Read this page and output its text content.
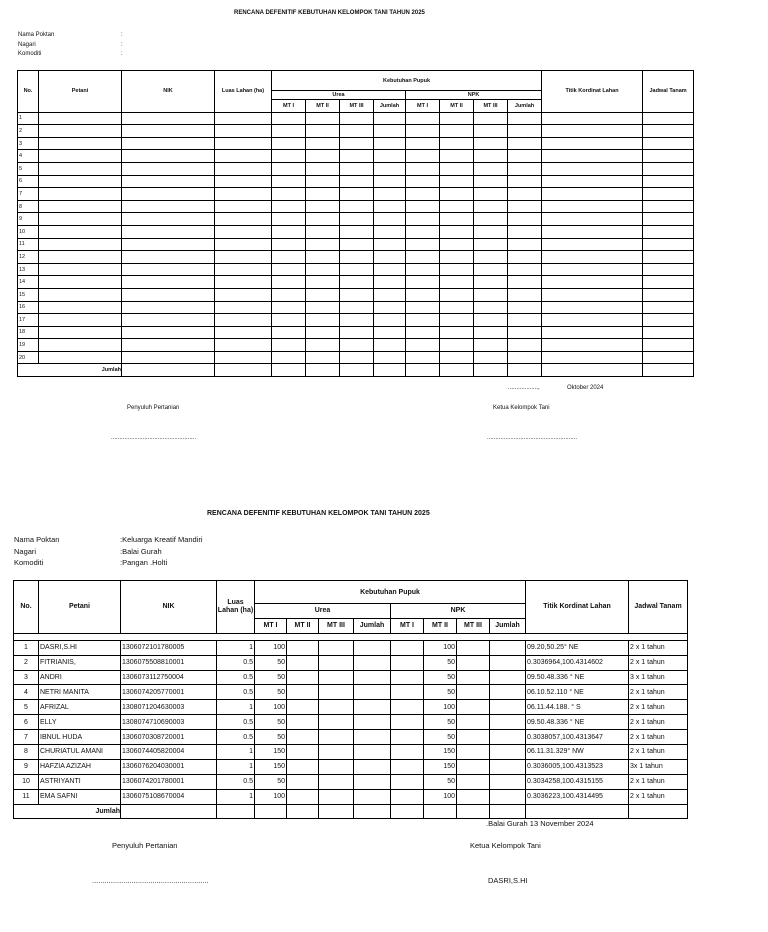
RENCANA DEFENITIF KEBUTUHAN KELOMPOK TANI TAHUN 2025
Nama Poktan	:
Nagari	:
Komoditi	:
No.	Petani	NIK	Luas Lahan (ha)	Kebutuhan Pupuk								Titik Kordinat Lahan	Jadwal Tanam
				Urea				NPK					
				MT I	MT II	MT III	Jumlah	MT I	MT II	MT III	Jumlah		
1													
2													
3													
4													
5													
6													
7													
8													
9													
10													
11													
12													
13													
14													
15													
16													
17													
18													
19													
20													
Jumlah													
..................,	Oktober 2024
Penyuluh Pertanian	Ketua Kelompok Tani
...................................................	......................................................
RENCANA DEFENITIF KEBUTUHAN KELOMPOK TANI TAHUN 2025
Nama Poktan	:Keluarga Kreatif Mandiri
Nagari	:Balai Gurah
Komoditi	:Pangan .Holti
No.	Petani	NIK	Luas Lahan (ha)	Kebutuhan Pupuk								Titik Kordinat Lahan	Jadwal Tanam
				Urea				NPK					
				MT I	MT II	MT III	Jumlah	MT I	MT II	MT III	Jumlah		

1	DASRI,S.HI	1306072101780005	1	100					100			09.20,50.25° NE	2 x 1 tahun
2	FITRIANIS,	1306075508810001	0.5	50					50			0.3036964,100.4314602	2 x 1 tahun
3	ANDRI	1306073112750004	0.5	50					50			09.50.48.336 ° NE	3 x 1 tahun
4	NETRI MANITA	1306074205770001	0.5	50					50			06.10.52.110 ° NE	2 x 1 tahun
5	AFRIZAL	1308071204630003	1	100					100			06.11.44.188. ° S	2 x 1 tahun
6	ELLY	1308074710690003	0.5	50					50			09.50.48.336 ° NE	2 x 1 tahun
7	IBNUL HUDA	1306070308720001	0.5	50					50			0.3038057,100.4313647	2 x 1 tahun
8	CHURIATUL AMANI	1306074405820004	1	150					150			06.11.31.329° NW	2 x 1 tahun
9	HAFZIA AZIZAH	1306076204030001	1	150					150			0.3036005,100.4313523	3x 1 tahun
10	ASTRIYANTI	1306074201780001	0.5	50					50			0.3034258,100.4315155	2 x 1 tahun
11	EMA SAFNI	1306075108670004	1	100					100			0.3036223,100.4314495	2 x 1 tahun
Jumlah													
.Balai Gurah 13 November 2024
Penyuluh Pertanian	Ketua Kelompok Tani
........................................................	DASRI,S.HI
